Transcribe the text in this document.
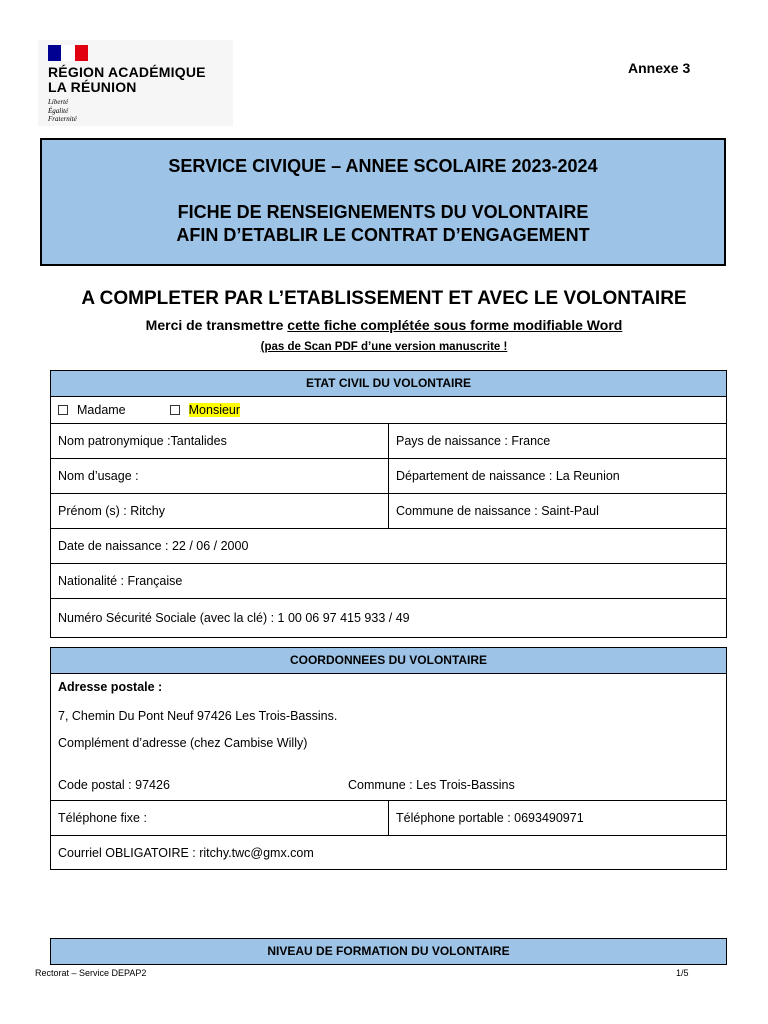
RÉGION ACADÉMIQUE
LA RÉUNION
Liberté
Égalité
Fraternité
Annexe 3
SERVICE CIVIQUE – ANNEE SCOLAIRE 2023-2024
FICHE DE RENSEIGNEMENTS DU VOLONTAIRE
AFIN D’ETABLIR LE CONTRAT D’ENGAGEMENT
A COMPLETER PAR L’ETABLISSEMENT ET AVEC LE VOLONTAIRE
Merci de transmettre cette fiche complétée sous forme modifiable Word
(pas de Scan PDF d’une version manuscrite !
ETAT CIVIL DU VOLONTAIRE
Madame	Monsieur
Nom patronymique :Tantalides	Pays de naissance : France
Nom d’usage :	Département de naissance : La Reunion
Prénom (s) : Ritchy	Commune de naissance : Saint-Paul
Date de naissance : 22 / 06 / 2000
Nationalité : Française
Numéro Sécurité Sociale (avec la clé) : 1 00 06 97 415 933 / 49
COORDONNEES DU VOLONTAIRE
Adresse postale :
7, Chemin Du Pont Neuf 97426 Les Trois-Bassins.
Complément d’adresse (chez Cambise Willy)
Code postal : 97426	Commune : Les Trois-Bassins
Téléphone fixe :	Téléphone portable : 0693490971
Courriel OBLIGATOIRE : ritchy.twc@gmx.com
NIVEAU DE FORMATION DU VOLONTAIRE
Rectorat – Service DEPAP2	1/5
